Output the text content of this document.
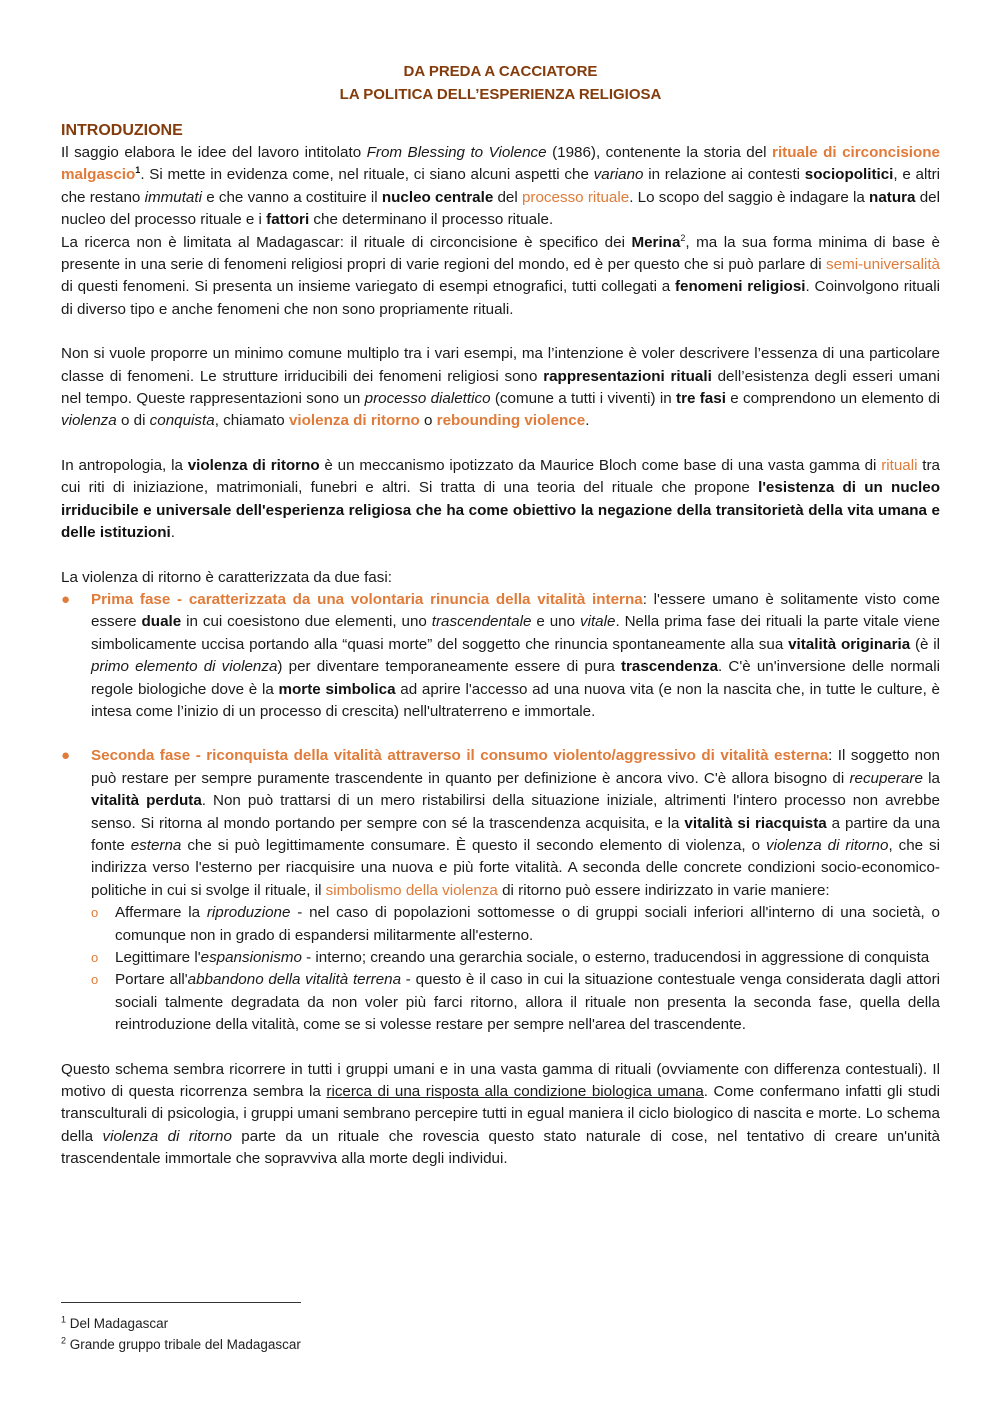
DA PREDA A CACCIATORE
LA POLITICA DELL’ESPERIENZA RELIGIOSA
INTRODUZIONE

Il saggio elabora le idee del lavoro intitolato From Blessing to Violence (1986), contenente la storia del rituale di circoncisione malgascio$^1$. Si mette in evidenza come, nel rituale, ci siano alcuni aspetti che variano in relazione ai contesti sociopolitici, e altri che restano immutati e che vanno a costituire il nucleo centrale del processo rituale. Lo scopo del saggio è indagare la natura del nucleo del processo rituale e i fattori che determinano il processo rituale.

La ricerca non è limitata al Madagascar: il rituale di circoncisione è specifico dei Merina$^2$, ma la sua forma minima di base è presente in una serie di fenomeni religiosi propri di varie regioni del mondo, ed è per questo che si può parlare di semi-universalità di questi fenomeni. Si presenta un insieme variegato di esempi etnografici, tutti collegati a fenomeni religiosi. Coinvolgono rituali di diverso tipo e anche fenomeni che non sono propriamente rituali.

Non si vuole proporre un minimo comune multiplo tra i vari esempi, ma l’intenzione è voler descrivere l’essenza di una particolare classe di fenomeni. Le strutture irriducibili dei fenomeni religiosi sono rappresentazioni rituali dell’esistenza degli esseri umani nel tempo. Queste rappresentazioni sono un processo dialettico (comune a tutti i viventi) in tre fasi e comprendono un elemento di violenza o di conquista, chiamato violenza di ritorno o rebounding violence.

In antropologia, la violenza di ritorno è un meccanismo ipotizzato da Maurice Bloch come base di una vasta gamma di rituali tra cui riti di iniziazione, matrimoniali, funebri e altri. Si tratta di una teoria del rituale che propone l'esistenza di un nucleo irriducibile e universale dell'esperienza religiosa che ha come obiettivo la negazione della transitorietà della vita umana e delle istituzioni.

La violenza di ritorno è caratterizzata da due fasi:

● Prima fase - caratterizzata da una volontaria rinuncia della vitalità interna: l'essere umano è solitamente visto come essere duale in cui coesistono due elementi, uno trascendentale e uno vitale. Nella prima fase dei rituali la parte vitale viene simbolicamente uccisa portando alla “quasi morte” del soggetto che rinuncia spontaneamente alla sua vitalità originaria (è il primo elemento di violenza) per diventare temporaneamente essere di pura trascendenza. C'è un'inversione delle normali regole biologiche dove è la morte simbolica ad aprire l'accesso ad una nuova vita (e non la nascita che, in tutte le culture, è intesa come l’inizio di un processo di crescita) nell'ultraterreno e immortale.

● Seconda fase - riconquista della vitalità attraverso il consumo violento/aggressivo di vitalità esterna: Il soggetto non può restare per sempre puramente trascendente in quanto per definizione è ancora vivo. C'è allora bisogno di recuperare la vitalità perduta. Non può trattarsi di un mero ristabilirsi della situazione iniziale, altrimenti l'intero processo non avrebbe senso. Si ritorna al mondo portando per sempre con sé la trascendenza acquisita, e la vitalità si riacquista a partire da una fonte esterna che si può legittimamente consumare. È questo il secondo elemento di violenza, o violenza di ritorno, che si indirizza verso l'esterno per riacquisire una nuova e più forte vitalità. A seconda delle concrete condizioni socio-economico-politiche in cui si svolge il rituale, il simbolismo della violenza di ritorno può essere indirizzato in varie maniere:

o Affermare la riproduzione - nel caso di popolazioni sottomesse o di gruppi sociali inferiori all'interno di una società, o comunque non in grado di espandersi militarmente all'esterno.

o Legittimare l'espansionismo - interno; creando una gerarchia sociale, o esterno, traducendosi in aggressione di conquista

o Portare all'abbandono della vitalità terrena - questo è il caso in cui la situazione contestuale venga considerata dagli attori sociali talmente degradata da non voler più farci ritorno, allora il rituale non presenta la seconda fase, quella della reintroduzione della vitalità, come se si volesse restare per sempre nell'area del trascendente.

Questo schema sembra ricorrere in tutti i gruppi umani e in una vasta gamma di rituali (ovviamente con differenza contestuali). Il motivo di questa ricorrenza sembra la ricerca di una risposta alla condizione biologica umana. Come confermano infatti gli studi transculturali di psicologia, i gruppi umani sembrano percepire tutti in egual maniera il ciclo biologico di nascita e morte. Lo schema della violenza di ritorno parte da un rituale che rovescia questo stato naturale di cose, nel tentativo di creare un'unità trascendentale immortale che sopravviva alla morte degli individui.

$^1$ Del Madagascar
$^2$ Grande gruppo tribale del Madagascar
